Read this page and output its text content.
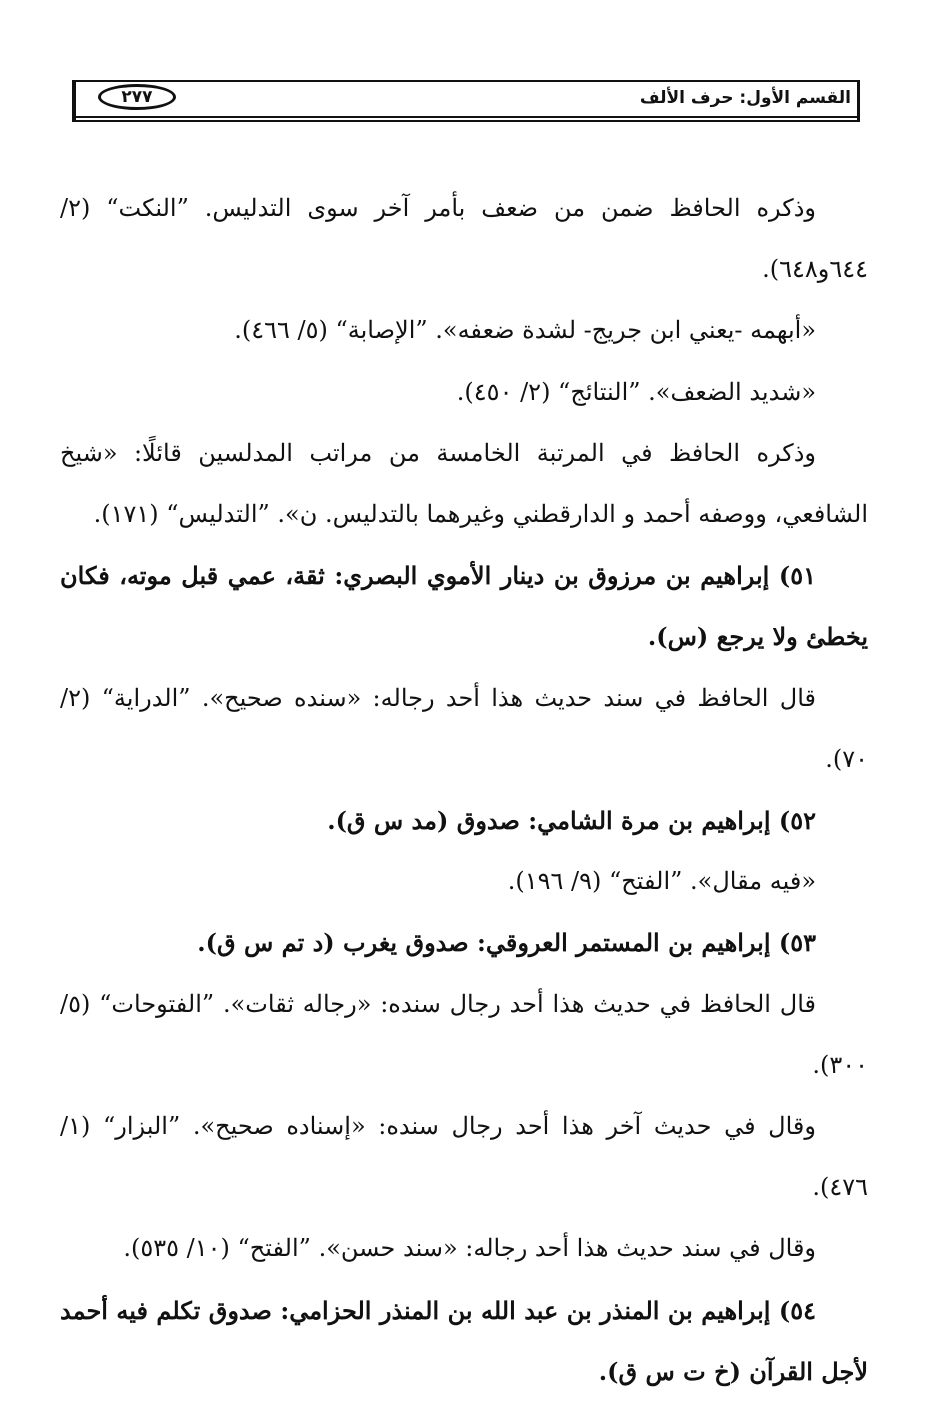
القسم الأول: حرف الألف
٢٧٧

وذكره الحافظ ضمن من ضعف بأمر آخر سوى التدليس. ”النكت“ (٢/ ٦٤٤و٦٤٨).

«أبهمه -يعني ابن جريج- لشدة ضعفه». ”الإصابة“ (٥/ ٤٦٦).

«شديد الضعف». ”النتائج“ (٢/ ٤٥٠).

وذكره الحافظ في المرتبة الخامسة من مراتب المدلسين قائلًا: «شيخ الشافعي، ووصفه أحمد و الدارقطني وغيرهما بالتدليس. ن». ”التدليس“ (١٧١).

٥١) إبراهيم بن مرزوق بن دينار الأموي البصري: ثقة، عمي قبل موته، فكان يخطئ ولا يرجع (س).

قال الحافظ في سند حديث هذا أحد رجاله: «سنده صحيح». ”الدراية“ (٢/ ٧٠).

٥٢) إبراهيم بن مرة الشامي: صدوق (مد س ق).

«فيه مقال». ”الفتح“ (٩/ ١٩٦).

٥٣) إبراهيم بن المستمر العروقي: صدوق يغرب (د تم س ق).

قال الحافظ في حديث هذا أحد رجال سنده: «رجاله ثقات». ”الفتوحات“ (٥/ ٣٠٠).

وقال في حديث آخر هذا أحد رجال سنده: «إسناده صحيح». ”البزار“ (١/ ٤٧٦).

وقال في سند حديث هذا أحد رجاله: «سند حسن». ”الفتح“ (١٠/ ٥٣٥).

٥٤) إبراهيم بن المنذر بن عبد الله بن المنذر الحزامي: صدوق تكلم فيه أحمد لأجل القرآن (خ ت س ق).
